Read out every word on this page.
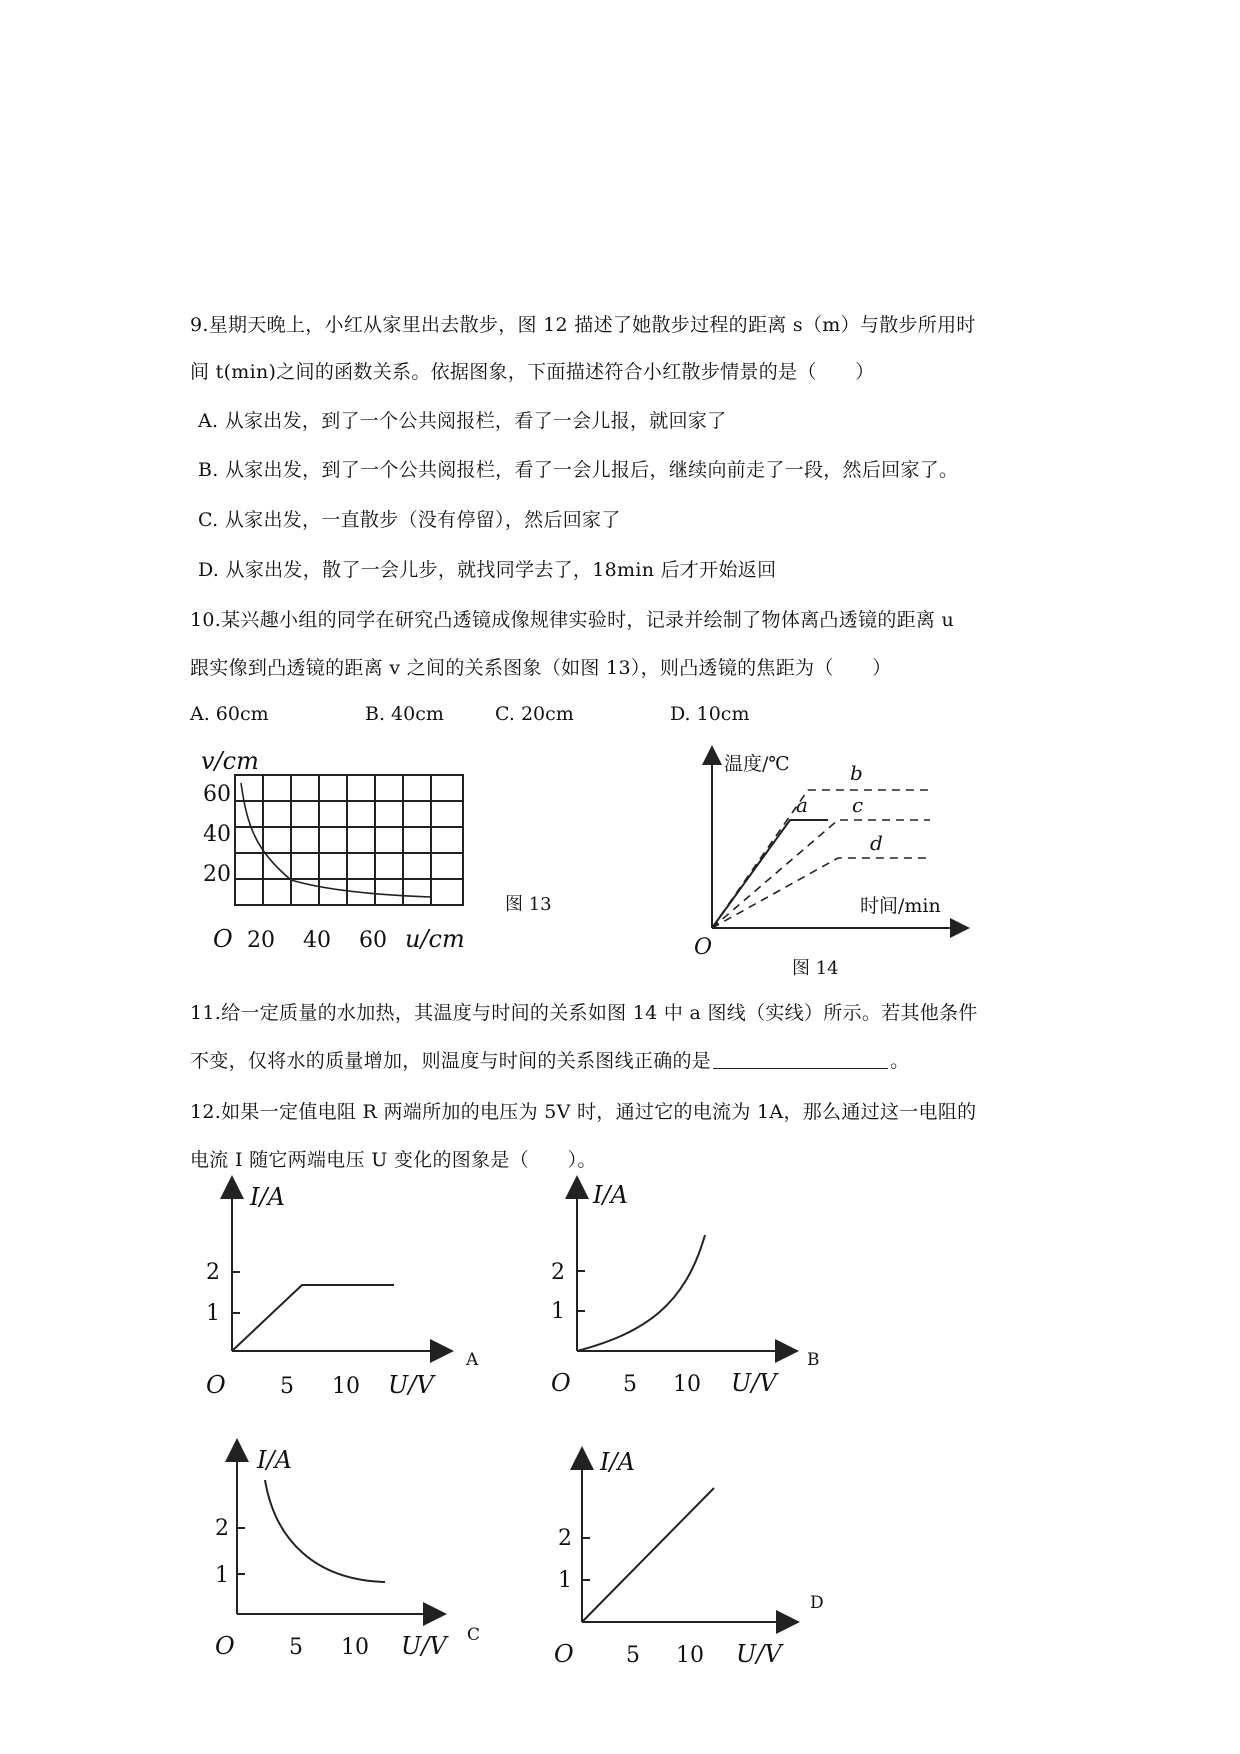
9.星期天晚上，小红从家里出去散步，图 12 描述了她散步过程的距离 s（m）与散步所用时
间 t(min)之间的函数关系。依据图象，下面描述符合小红散步情景的是（　　）
A. 从家出发，到了一个公共阅报栏，看了一会儿报，就回家了
B. 从家出发，到了一个公共阅报栏，看了一会儿报后，继续向前走了一段，然后回家了。
C. 从家出发，一直散步（没有停留），然后回家了
D. 从家出发，散了一会儿步，就找同学去了，18min 后才开始返回
10.某兴趣小组的同学在研究凸透镜成像规律实验时，记录并绘制了物体离凸透镜的距离 u
跟实像到凸透镜的距离 v 之间的关系图象（如图 13），则凸透镜的焦距为（　　）
A. 60cm	B. 40cm	C. 20cm	D. 10cm
v/cm
60
40
20
O 20 40 60 u/cm
图 13
温度/℃
时间/min
O
b
a c
d
图 14
11.给一定质量的水加热，其温度与时间的关系如图 14 中 a 图线（实线）所示。若其他条件
不变，仅将水的质量增加，则温度与时间的关系图线正确的是	。
12.如果一定值电阻 R 两端所加的电压为 5V 时，通过它的电流为 1A，那么通过这一电阻的
电流 I 随它两端电压 U 变化的图象是（　　）。
I/A
2
1
O 5 10 U/V
A
I/A
2
1
O 5 10 U/V
B
I/A
2
1
O 5 10 U/V C
I/A
2
1
O 5 10 U/V
D
